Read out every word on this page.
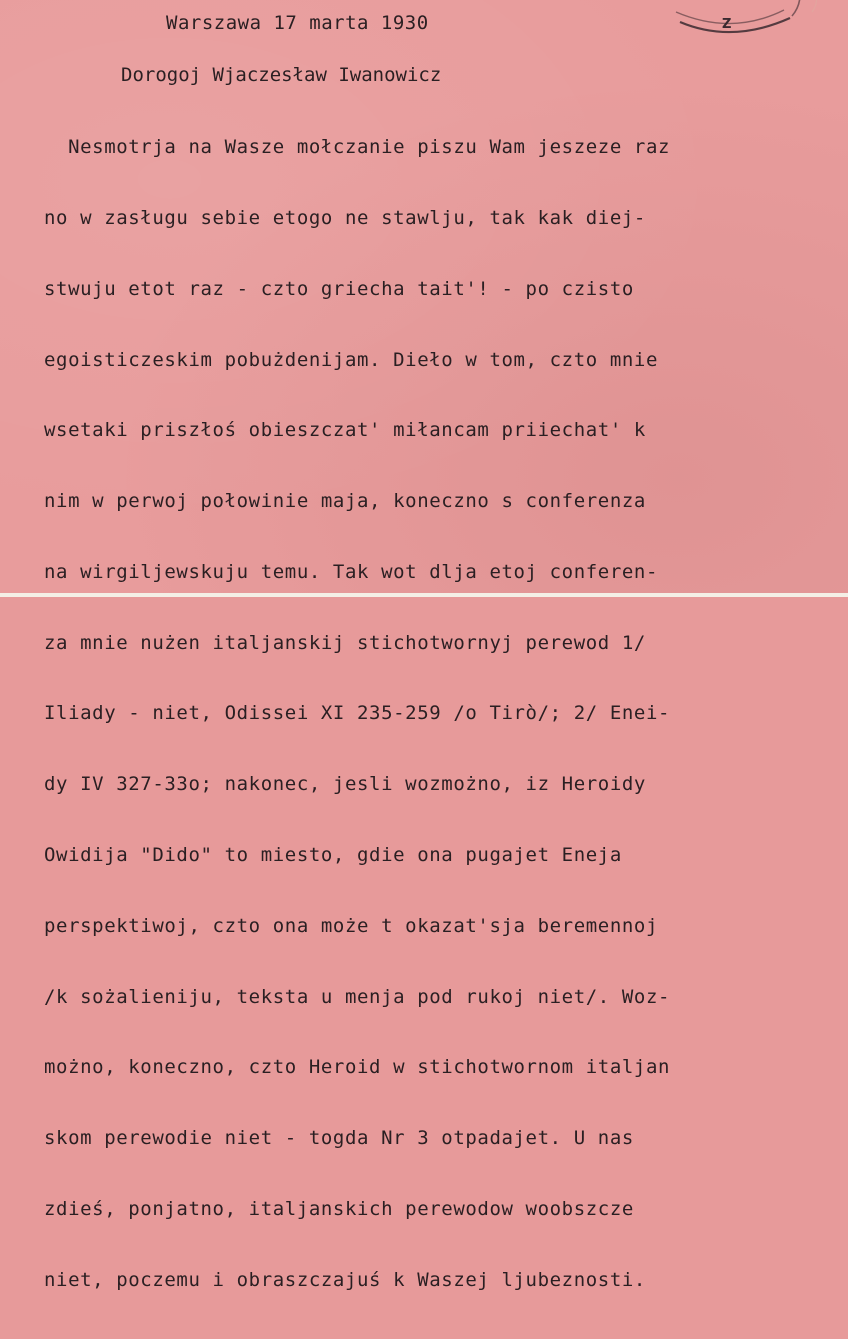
Z
Warszawa 17 marta 1930
Dorogoj Wjaczesław Iwanowicz

Nesmotrja na Wasze mołczanie piszu Wam jeszeze raz

no w zasługu sebie etogo ne stawlju, tak kak diej-

stwuju etot raz - czto griecha tait'! - po czisto

egoisticzeskim pobużdenijam. Dieło w tom, czto mnie

wsetaki priszłoś obieszczat' miłancam priiechat' k

nim w perwoj połowinie maja, koneczno s conferenza

na wirgiljewskuju temu. Tak wot dlja etoj conferen-

za mnie nużen italjanskij stichotwornyj perewod 1/

Iliady - niet, Odissei XI 235-259 /o Tirò/; 2/ Enei-

dy IV 327-33o; nakonec, jesli wozmożno, iz Heroidy

Owidija "Dido" to miesto, gdie ona pugajet Eneja

perspektiwoj, czto ona może t okazat'sja beremennoj

/k sożalieniju, teksta u menja pod rukoj niet/. Woz-

możno, koneczno, czto Heroid w stichotwornom italjan

skom perewodie niet - togda Nr 3 otpadajet. U nas

zdieś, ponjatno, italjanskich perewodow woobszcze

niet, poczemu i obraszczajuś k Waszej ljubeznosti.
